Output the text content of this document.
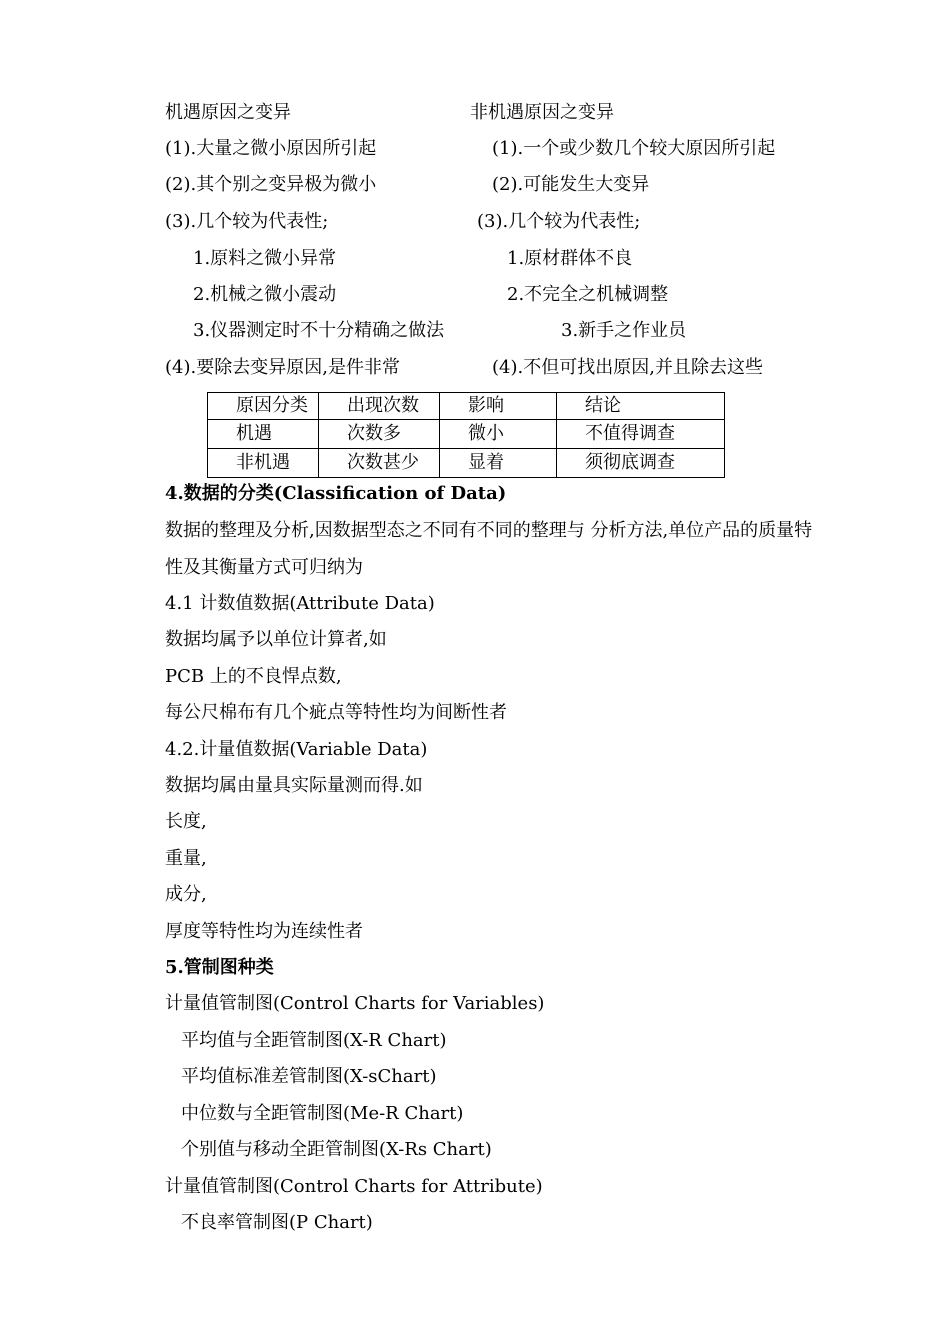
机遇原因之变异	非机遇原因之变异
(1).大量之微小原因所引起	(1).一个或少数几个较大原因所引起
(2).其个别之变异极为微小	(2).可能发生大变异
(3).几个较为代表性;	(3).几个较为代表性;
1.原料之微小异常	1.原材群体不良
2.机械之微小震动	2.不完全之机械调整
3.仪器测定时不十分精确之做法	3.新手之作业员
(4).要除去变异原因,是件非常	(4).不但可找出原因,并且除去这些
原因分类	出现次数	影响	结论
机遇	次数多	微小	不值得调查
非机遇	次数甚少	显着	须彻底调查
4.数据的分类(Classification of Data)
数据的整理及分析,因数据型态之不同有不同的整理与 分析方法,单位产品的质量特
性及其衡量方式可归纳为
4.1 计数值数据(Attribute Data)
数据均属予以单位计算者,如
PCB 上的不良悍点数,
每公尺棉布有几个疵点等特性均为间断性者
4.2.计量值数据(Variable Data)
数据均属由量具实际量测而得.如
长度,
重量,
成分,
厚度等特性均为连续性者
5.管制图种类
计量值管制图(Control Charts for Variables)
平均值与全距管制图(X-R Chart)
平均值标准差管制图(X-sChart)
中位数与全距管制图(Me-R Chart)
个别值与移动全距管制图(X-Rs Chart)
计量值管制图(Control Charts for Attribute)
不良率管制图(P Chart)
